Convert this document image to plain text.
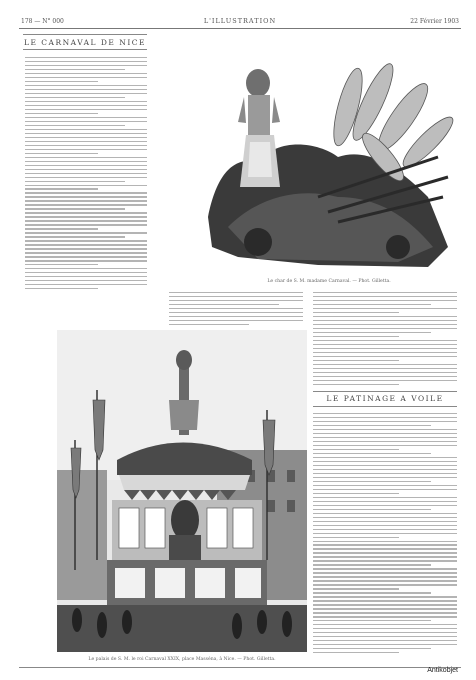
178 — N° 000	L'ILLUSTRATION	22 Février 1903
LE CARNAVAL DE NICE
Le char de S. M. madame Carnaval. — Phot. Gilletta.
LE PATINAGE A VOILE
Le palais de S. M. le roi Carnaval XXIX, place Masséna, à Nice. — Phot. Gilletta.
Antikobjet
